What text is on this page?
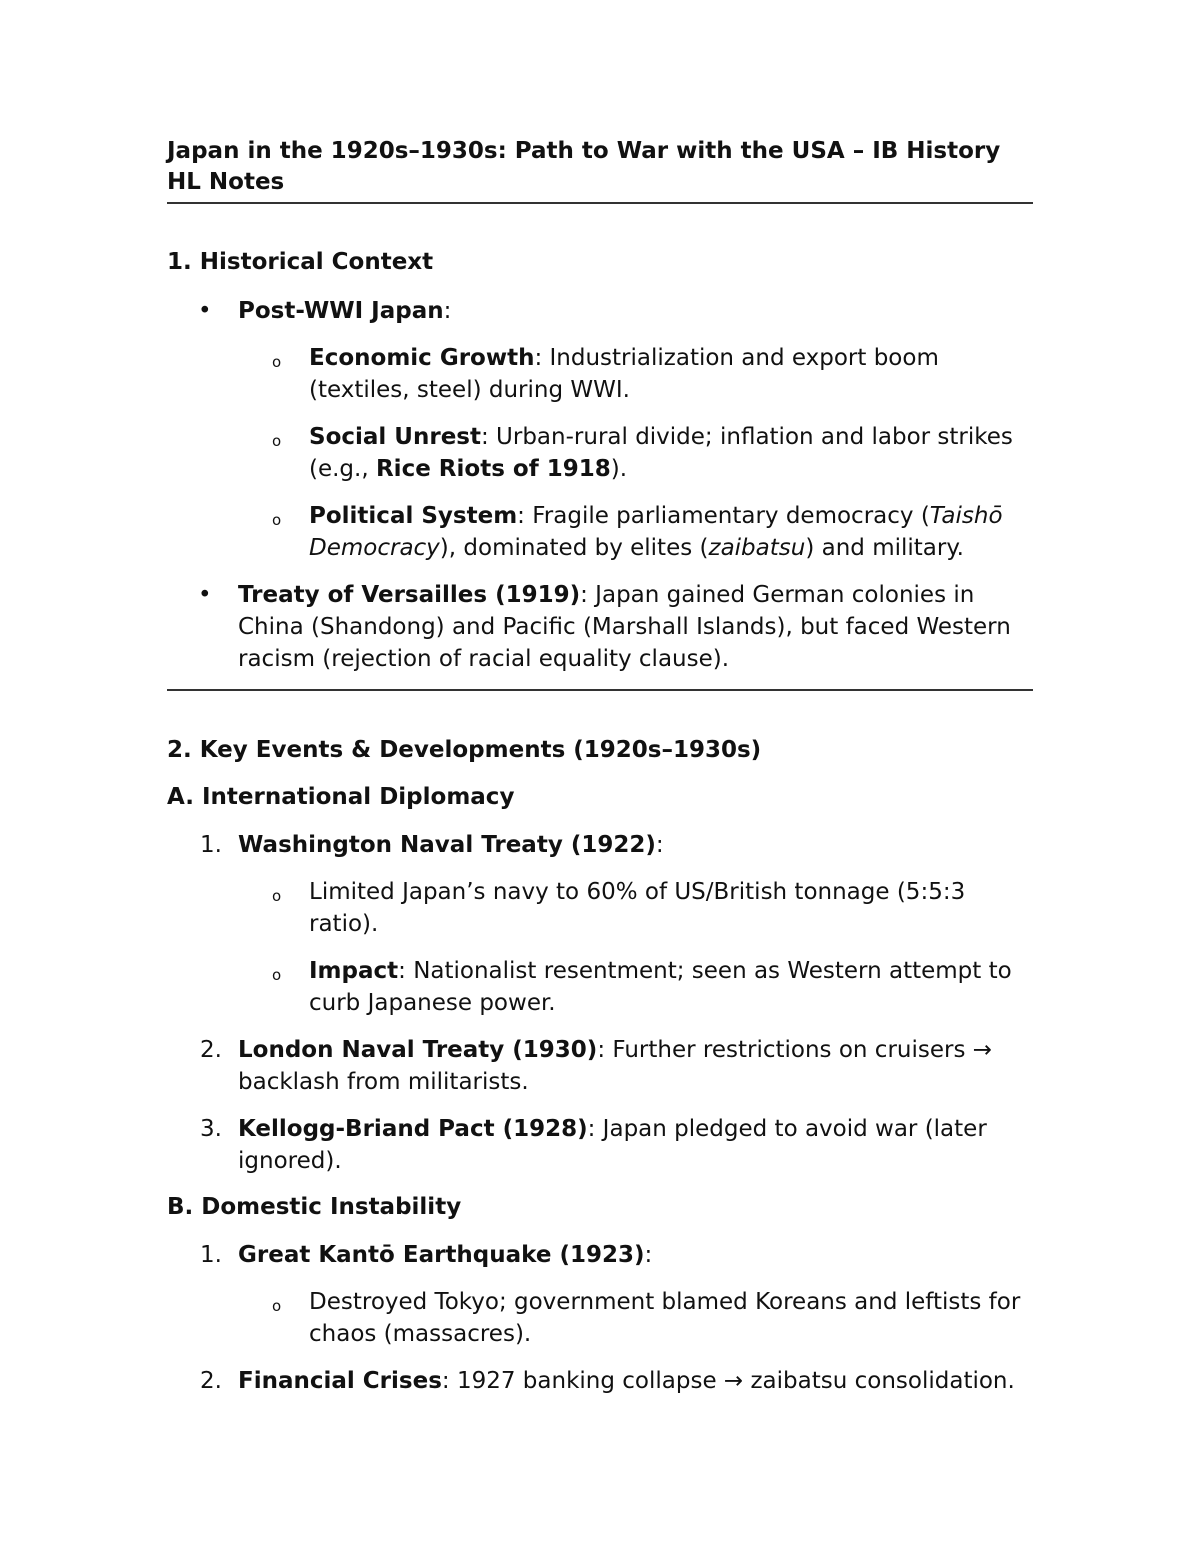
Japan in the 1920s–1930s: Path to War with the USA – IB History HL Notes
1. Historical Context
• Post-WWI Japan:
o Economic Growth: Industrialization and export boom (textiles, steel) during WWI.
o Social Unrest: Urban-rural divide; inflation and labor strikes (e.g., Rice Riots of 1918).
o Political System: Fragile parliamentary democracy (Taishō Democracy), dominated by elites (zaibatsu) and military.
• Treaty of Versailles (1919): Japan gained German colonies in China (Shandong) and Pacific (Marshall Islands), but faced Western racism (rejection of racial equality clause).
2. Key Events & Developments (1920s–1930s)
A. International Diplomacy
1. Washington Naval Treaty (1922):
o Limited Japan’s navy to 60% of US/British tonnage (5:5:3 ratio).
o Impact: Nationalist resentment; seen as Western attempt to curb Japanese power.
2. London Naval Treaty (1930): Further restrictions on cruisers → backlash from militarists.
3. Kellogg-Briand Pact (1928): Japan pledged to avoid war (later ignored).
B. Domestic Instability
1. Great Kantō Earthquake (1923):
o Destroyed Tokyo; government blamed Koreans and leftists for chaos (massacres).
2. Financial Crises: 1927 banking collapse → zaibatsu consolidation.
